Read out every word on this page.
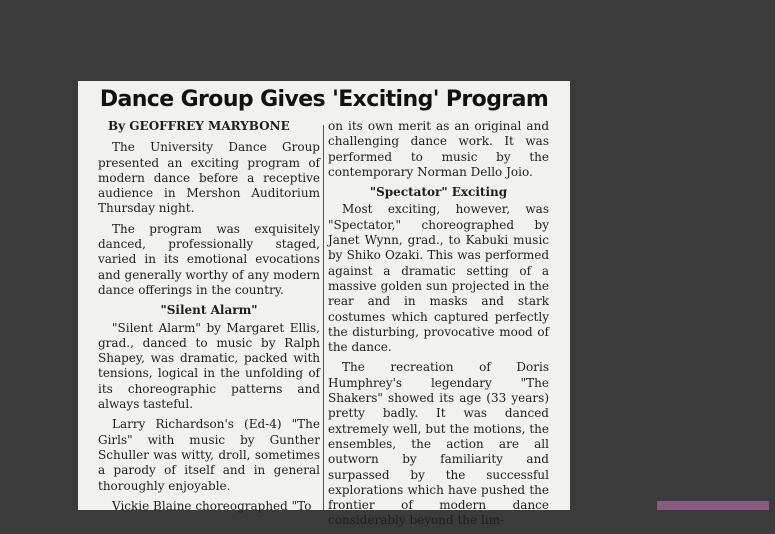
Dance Group Gives 'Exciting' Program

By GEOFFREY MARYBONE

The University Dance Group presented an exciting program of modern dance before a receptive audience in Mershon Auditorium Thursday night.

The program was exquisitely danced, professionally staged, varied in its emotional evocations and generally worthy of any modern dance offerings in the country.

"Silent Alarm"

"Silent Alarm" by Margaret Ellis, grad., danced to music by Ralph Shapey, was dramatic, packed with tensions, logical in the unfolding of its choreographic patterns and always tasteful.

Larry Richardson's (Ed-4) "The Girls" with music by Gunther Schuller was witty, droll, sometimes a parody of itself and in general thoroughly enjoyable.

Vickie Blaine choreographed "To

on its own merit as an original and challenging dance work. It was performed to music by the contemporary Norman Dello Joio.

"Spectator" Exciting

Most exciting, however, was "Spectator," choreographed by Janet Wynn, grad., to Kabuki music by Shiko Ozaki. This was performed against a dramatic setting of a massive golden sun projected in the rear and in masks and stark costumes which captured perfectly the disturbing, provocative mood of the dance.

The recreation of Doris Humphrey's legendary "The Shakers" showed its age (33 years) pretty badly. It was danced extremely well, but the motions, the ensembles, the action are all outworn by familiarity and surpassed by the successful explorations which have pushed the frontier of modern dance considerably beyond the lim-
